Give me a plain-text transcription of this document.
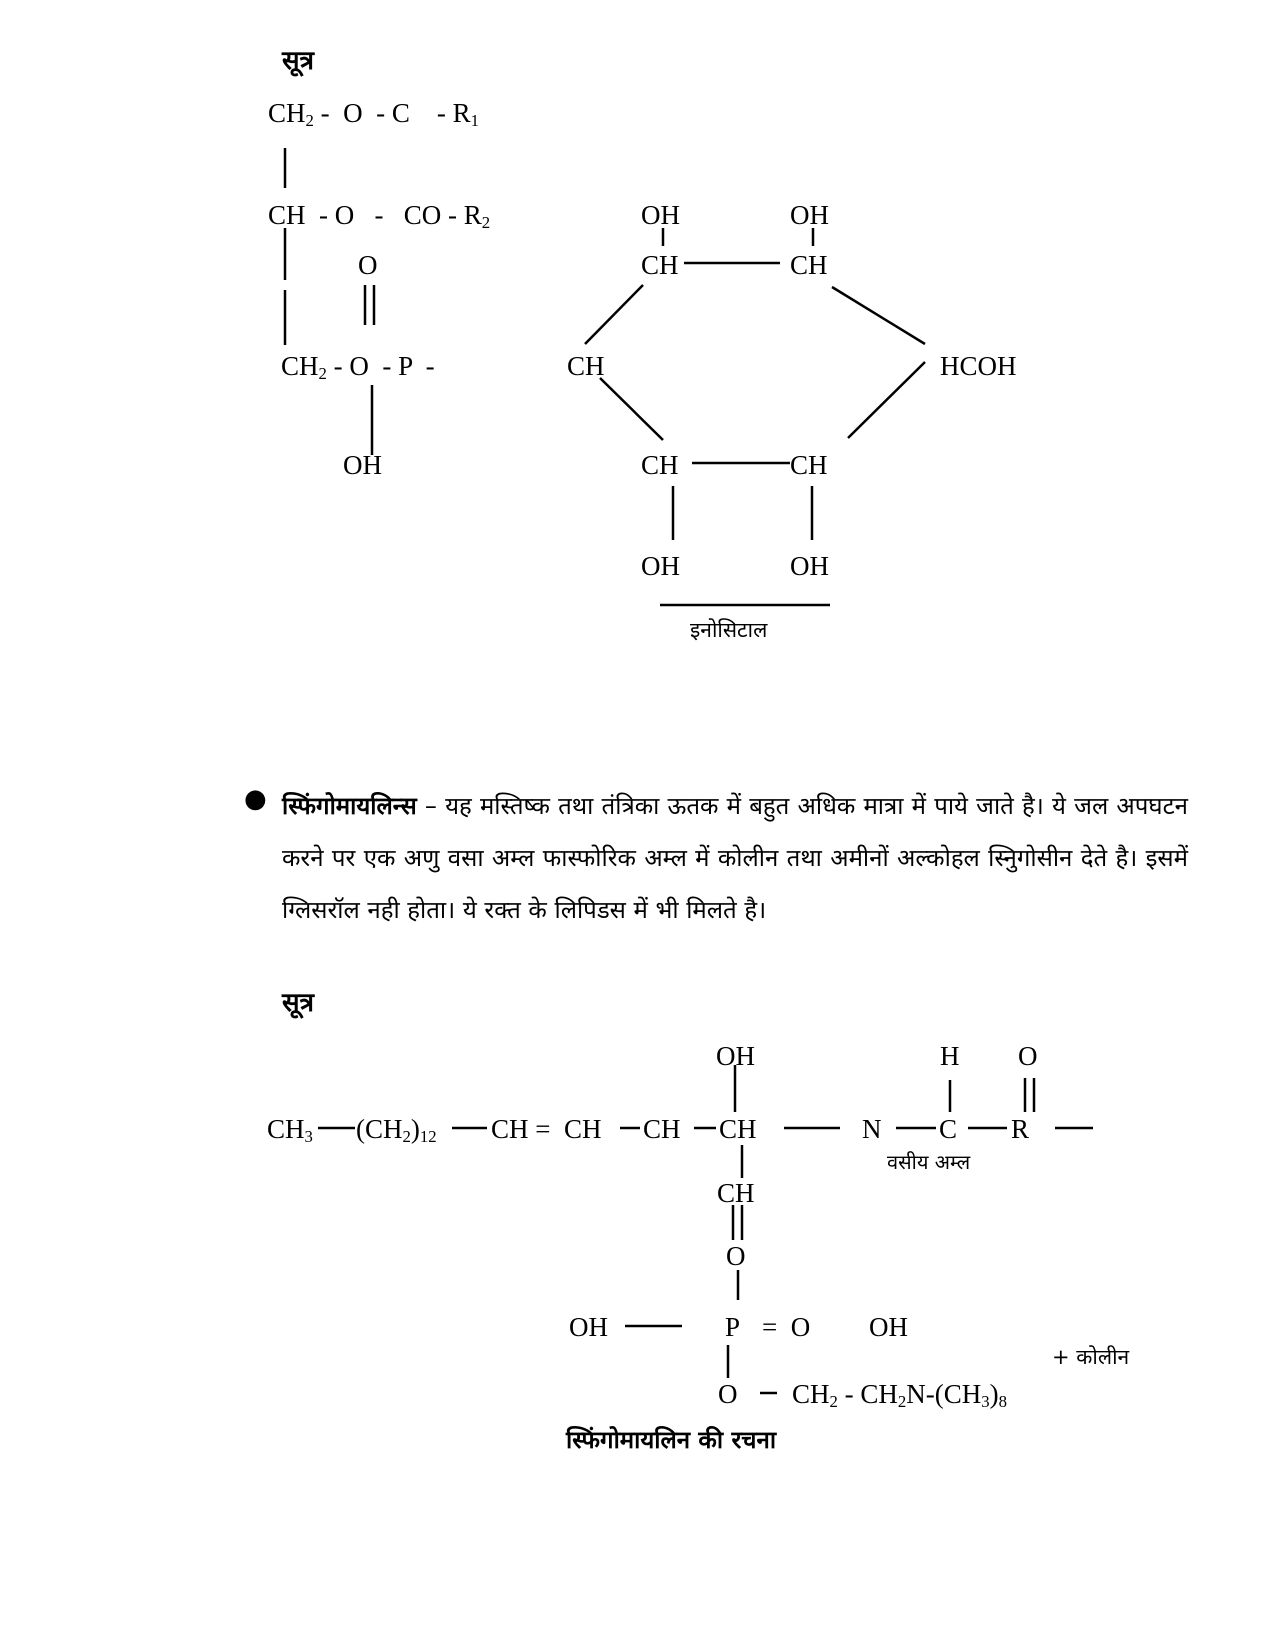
सूत्र
$CH_2$ -  O  - C    - $R_1$
CH  - O   -   CO - $R_2$
O
$CH_2$ - O  - P  -
OH
OH	OH
CH	CH
CH	HCOH
CH	CH
OH	OH
इनोसिटाल
● स्फिंगोमायलिन्स – यह मस्तिष्क तथा तंत्रिका ऊतक में बहुत अधिक मात्रा में पाये जाते है। ये जल अपघटन करने पर एक अणु वसा अम्ल फास्फोरिक अम्ल में कोलीन तथा अमीनों अल्कोहल स्निुगोसीन देते है। इसमें ग्लिसरॉल नही होता। ये रक्त के लिपिडस में भी मिलते है।
सूत्र
$CH_3$ $(CH_2)_{12}$ CH =  CH CH CH
OH
N
H
C
O
R
वसीय अम्ल
CH
O
OH	P =  O OH
+ कोलीन
O $CH_2 - CH_2N-(CH_3)_8$
स्फिंगोमायलिन की रचना
